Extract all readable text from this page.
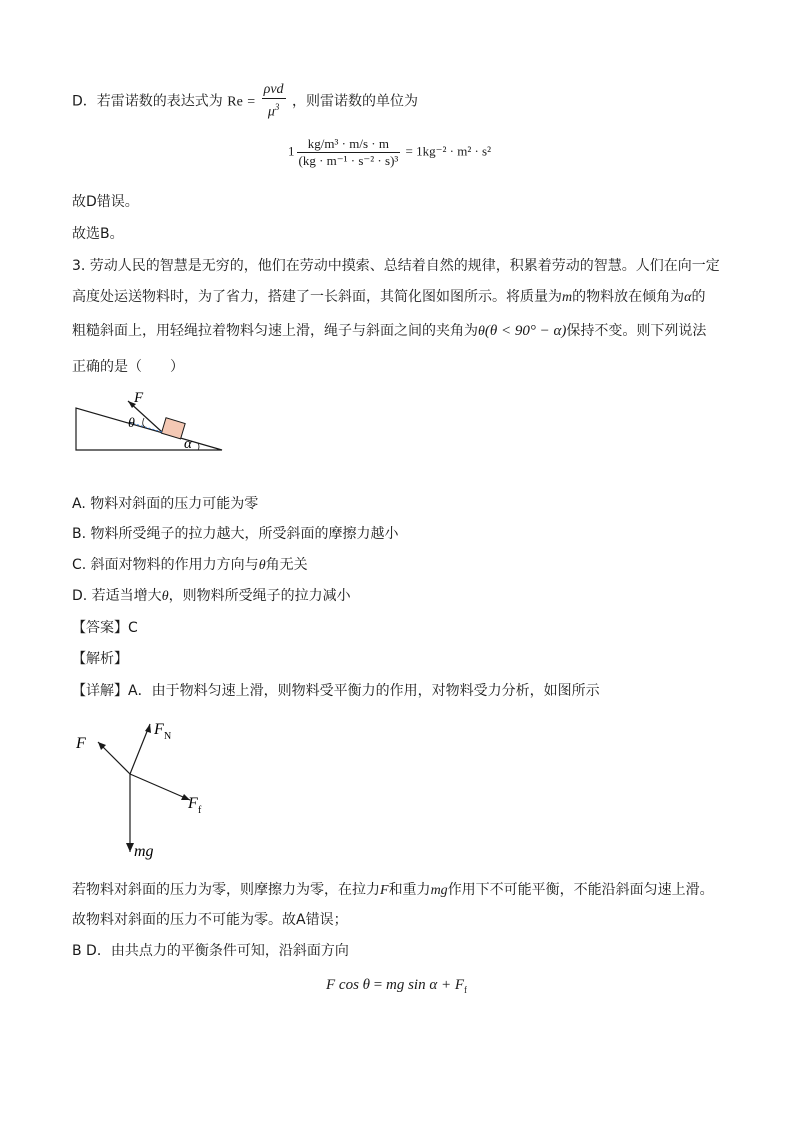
D．若雷诺数的表达式为 $Re = \frac{\text{ρvd}}{\mu^3}$ ，则雷诺数的单位为
$1 \frac{\text{kg/m³ · m/s · m}}{\text{(kg · m⁻¹ · s⁻² · s)³}} = 1kg^{-2} \cdot m^2 \cdot s^2$
故D错误。
故选B。
3. 劳动人民的智慧是无穷的，他们在劳动中摸索、总结着自然的规律，积累着劳动的智慧。人们在向一定
高度处运送物料时，为了省力，搭建了一长斜面，其简化图如图所示。将质量为m的物料放在倾角为α的
粗糙斜面上，用轻绳拉着物料匀速上滑，绳子与斜面之间的夹角为θ(θ < 90° − α)保持不变。则下列说法
正确的是（　　）
F
θ
α
A. 物料对斜面的压力可能为零
B. 物料所受绳子的拉力越大，所受斜面的摩擦力越小
C. 斜面对物料的作用力方向与θ角无关
D. 若适当增大θ，则物料所受绳子的拉力减小
【答案】C
【解析】
【详解】A．由于物料匀速上滑，则物料受平衡力的作用，对物料受力分析，如图所示
F
F N
F f
mg
若物料对斜面的压力为零，则摩擦力为零，在拉力F和重力mg作用下不可能平衡，不能沿斜面匀速上滑。
故物料对斜面的压力不可能为零。故A错误；
B D．由共点力的平衡条件可知，沿斜面方向
F cos θ = mg $\sin \alpha + F_f$
